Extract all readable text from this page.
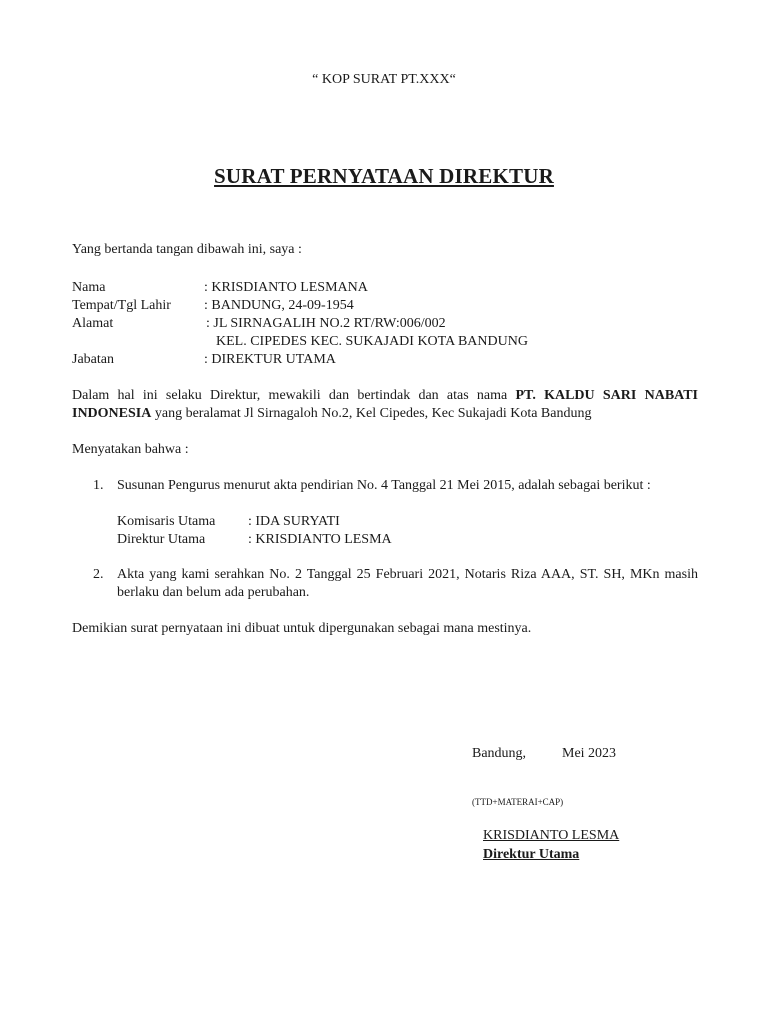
“ KOP SURAT PT.XXX“
SURAT PERNYATAAN DIREKTUR
Yang bertanda tangan dibawah ini, saya :
Nama	: KRISDIANTO LESMANA
Tempat/Tgl Lahir : BANDUNG, 24-09-1954
Alamat	: JL SIRNAGALIH NO.2 RT/RW:006/002
KEL. CIPEDES KEC. SUKAJADI KOTA BANDUNG
Jabatan	: DIREKTUR UTAMA
Dalam hal ini selaku Direktur, mewakili dan bertindak dan atas nama PT. KALDU SARI NABATI INDONESIA yang beralamat Jl Sirnagaloh No.2, Kel Cipedes, Kec Sukajadi Kota Bandung
Menyatakan bahwa :
1. Susunan Pengurus menurut akta pendirian No. 4 Tanggal 21 Mei 2015, adalah sebagai berikut :
Komisaris Utama : IDA SURYATI
Direktur Utama	: KRISDIANTO LESMA
2. Akta yang kami serahkan No. 2 Tanggal 25 Februari 2021, Notaris Riza AAA, ST. SH, MKn masih berlaku dan belum ada perubahan.
Demikian surat pernyataan ini dibuat untuk dipergunakan sebagai mana mestinya.
Bandung,	Mei 2023
(TTD+MATERAI+CAP)
KRISDIANTO LESMA
Direktur Utama
